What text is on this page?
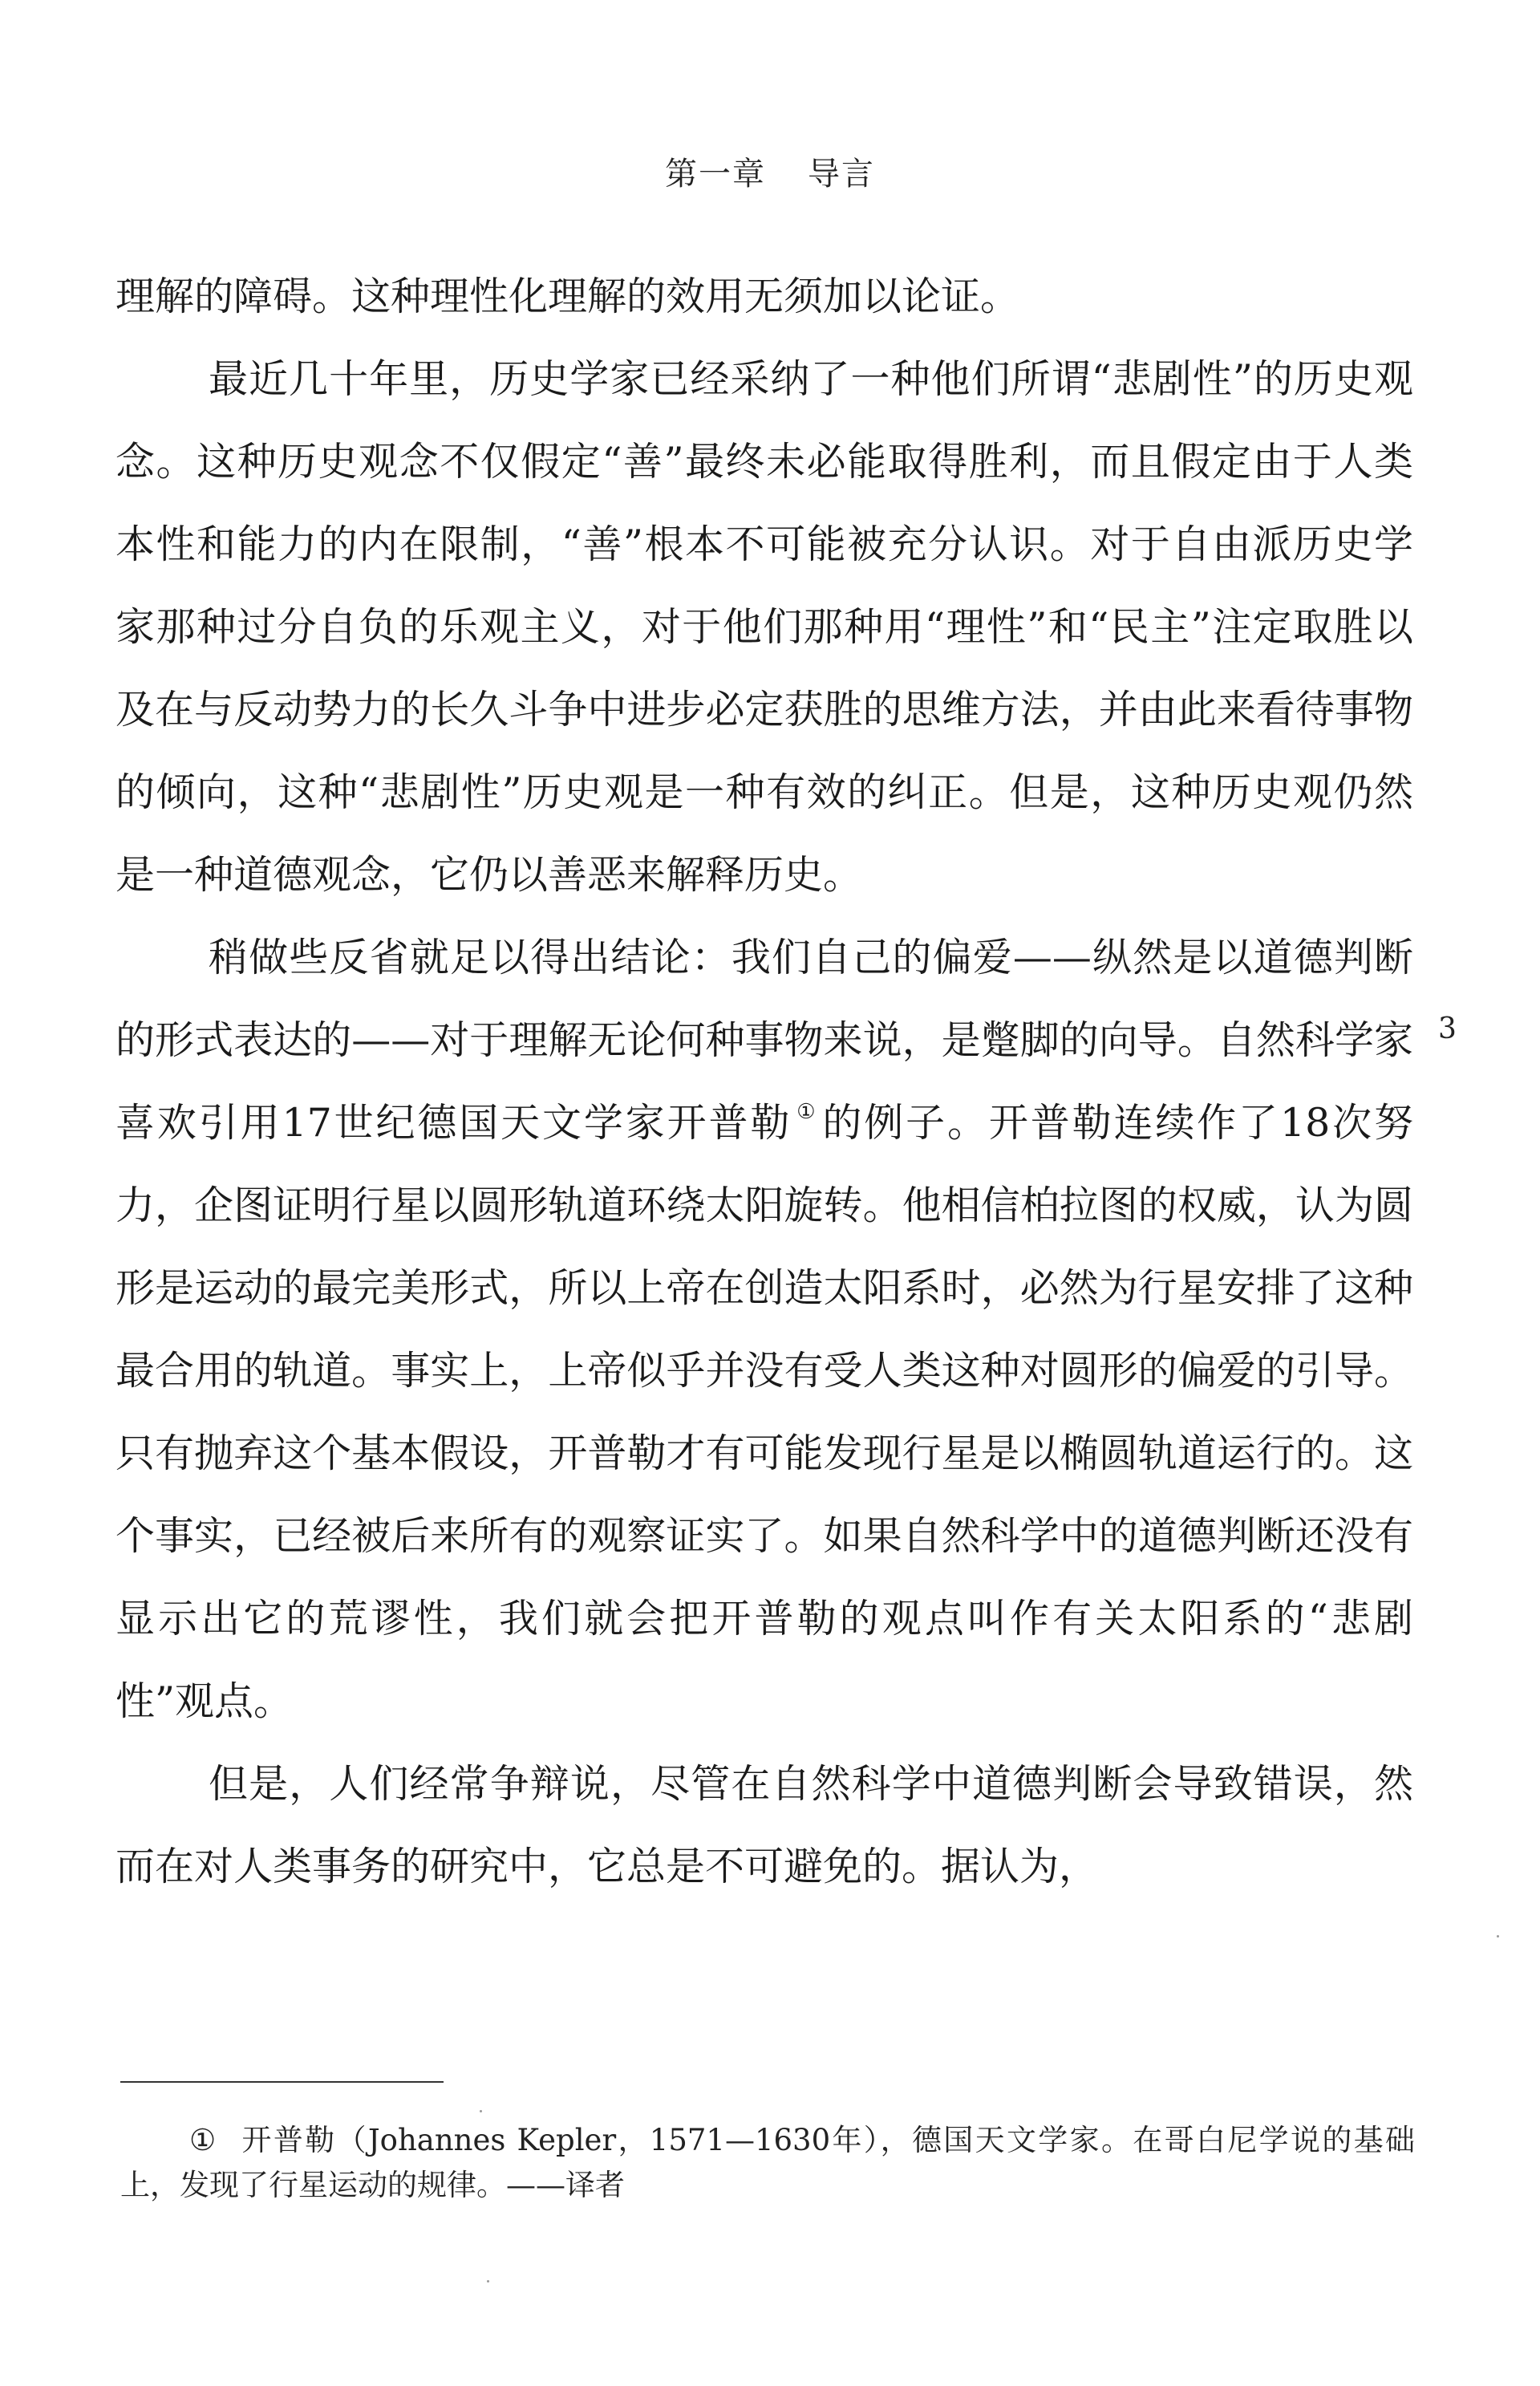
第一章 导言

理解的障碍。这种理性化理解的效用无须加以论证。

最近几十年里，历史学家已经采纳了一种他们所谓“悲剧性”的历史观念。这种历史观念不仅假定“善”最终未必能取得胜利，而且假定由于人类本性和能力的内在限制，“善”根本不可能被充分认识。对于自由派历史学家那种过分自负的乐观主义，对于他们那种用“理性”和“民主”注定取胜以及在与反动势力的长久斗争中进步必定获胜的思维方法，并由此来看待事物的倾向，这种“悲剧性”历史观是一种有效的纠正。但是，这种历史观仍然是一种道德观念，它仍以善恶来解释历史。

稍做些反省就足以得出结论：我们自己的偏爱——纵然是以道德判断的形式表达的——对于理解无论何种事物来说，是蹩脚的向导。自然科学家喜欢引用17世纪德国天文学家开普勒 ① 的例子。开普勒连续作了18次努力，企图证明行星以圆形轨道环绕太阳旋转。他相信柏拉图的权威，认为圆形是运动的最完美形式，所以上帝在创造太阳系时，必然为行星安排了这种最合用的轨道。事实上，上帝似乎并没有受人类这种对圆形的偏爱的引导。只有抛弃这个基本假设，开普勒才有可能发现行星是以椭圆轨道运行的。这个事实，已经被后来所有的观察证实了。如果自然科学中的道德判断还没有显示出它的荒谬性，我们就会把开普勒的观点叫作有关太阳系的“悲剧性”观点。

但是，人们经常争辩说，尽管在自然科学中道德判断会导致错误，然而在对人类事务的研究中，它总是不可避免的。据认为，

3
① 开普勒（Johannes Kepler，1571—1630年），德国天文学家。在哥白尼学说的基础上，发现了行星运动的规律。——译者
